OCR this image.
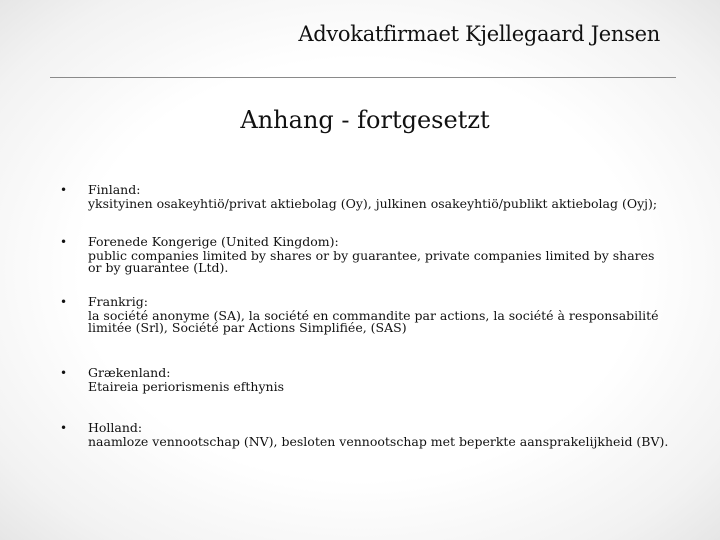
Advokatfirmaet Kjellegaard Jensen
Anhang - fortgesetzt
• Finland:
yksityinen osakeyhtiö/privat aktiebolag (Oy), julkinen osakeyhtiö/publikt aktiebolag (Oyj);
• Forenede Kongerige (United Kingdom):
public companies limited by shares or by guarantee, private companies limited by shares or by guarantee (Ltd).
• Frankrig:
la société anonyme (SA), la société en commandite par actions, la société à responsabilité limitée (Srl), Société par Actions Simplifiée, (SAS)
• Grækenland:
Etaireia periorismenis efthynis
• Holland:
naamloze vennootschap (NV), besloten vennootschap met beperkte aansprakelijkheid (BV).
